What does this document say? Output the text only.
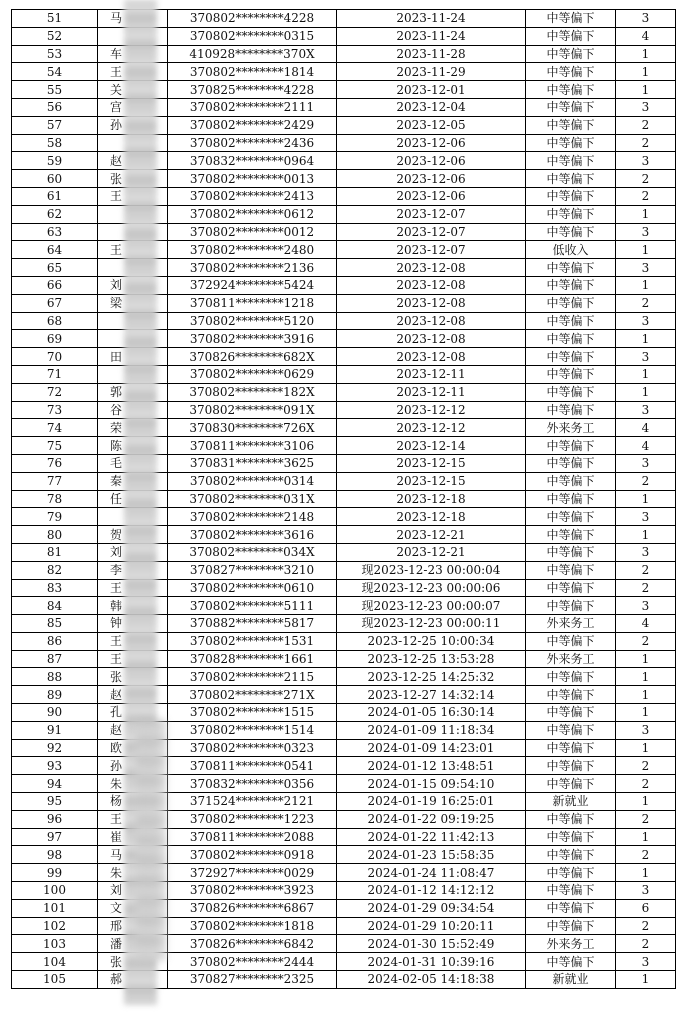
51	马	370802********4228	2023-11-24	中等偏下	3
52		370802********0315	2023-11-24	中等偏下	4
53	车	410928********370X	2023-11-28	中等偏下	1
54	王	370802********1814	2023-11-29	中等偏下	1
55	关	370825********4228	2023-12-01	中等偏下	1
56	宫	370802********2111	2023-12-04	中等偏下	3
57	孙	370802********2429	2023-12-05	中等偏下	2
58		370802********2436	2023-12-06	中等偏下	2
59	赵	370832********0964	2023-12-06	中等偏下	3
60	张	370802********0013	2023-12-06	中等偏下	2
61	王	370802********2413	2023-12-06	中等偏下	2
62		370802********0612	2023-12-07	中等偏下	1
63		370802********0012	2023-12-07	中等偏下	3
64	王	370802********2480	2023-12-07	低收入	1
65		370802********2136	2023-12-08	中等偏下	3
66	刘	372924********5424	2023-12-08	中等偏下	1
67	梁	370811********1218	2023-12-08	中等偏下	2
68		370802********5120	2023-12-08	中等偏下	3
69		370802********3916	2023-12-08	中等偏下	1
70	田	370826********682X	2023-12-08	中等偏下	3
71		370802********0629	2023-12-11	中等偏下	1
72	郭	370802********182X	2023-12-11	中等偏下	1
73	谷	370802********091X	2023-12-12	中等偏下	3
74	荣	370830********726X	2023-12-12	外来务工	4
75	陈	370811********3106	2023-12-14	中等偏下	4
76	毛	370831********3625	2023-12-15	中等偏下	3
77	秦	370802********0314	2023-12-15	中等偏下	2
78	任	370802********031X	2023-12-18	中等偏下	1
79		370802********2148	2023-12-18	中等偏下	3
80	贺	370802********3616	2023-12-21	中等偏下	1
81	刘	370802********034X	2023-12-21	中等偏下	3
82	李	370827********3210	现2023-12-23 00:00:04	中等偏下	2
83	王	370802********0610	现2023-12-23 00:00:06	中等偏下	2
84	韩	370802********5111	现2023-12-23 00:00:07	中等偏下	3
85	钟	370882********5817	现2023-12-23 00:00:11	外来务工	4
86	王	370802********1531	2023-12-25 10:00:34	中等偏下	2
87	王	370828********1661	2023-12-25 13:53:28	外来务工	1
88	张	370802********2115	2023-12-25 14:25:32	中等偏下	1
89	赵	370802********271X	2023-12-27 14:32:14	中等偏下	1
90	孔	370802********1515	2024-01-05 16:30:14	中等偏下	1
91	赵	370802********1514	2024-01-09 11:18:34	中等偏下	3
92	欧	370802********0323	2024-01-09 14:23:01	中等偏下	1
93	孙	370811********0541	2024-01-12 13:48:51	中等偏下	2
94	朱	370832********0356	2024-01-15 09:54:10	中等偏下	2
95	杨	371524********2121	2024-01-19 16:25:01	新就业	1
96	王	370802********1223	2024-01-22 09:19:25	中等偏下	2
97	崔	370811********2088	2024-01-22 11:42:13	中等偏下	1
98	马	370802********0918	2024-01-23 15:58:35	中等偏下	2
99	朱	372927********0029	2024-01-24 11:08:47	中等偏下	1
100	刘	370802********3923	2024-01-12 14:12:12	中等偏下	3
101	文	370826********6867	2024-01-29 09:34:54	中等偏下	6
102	邢	370802********1818	2024-01-29 10:20:11	中等偏下	2
103	潘	370826********6842	2024-01-30 15:52:49	外来务工	2
104	张	370802********2444	2024-01-31 10:39:16	中等偏下	3
105	郝	370827********2325	2024-02-05 14:18:38	新就业	1
